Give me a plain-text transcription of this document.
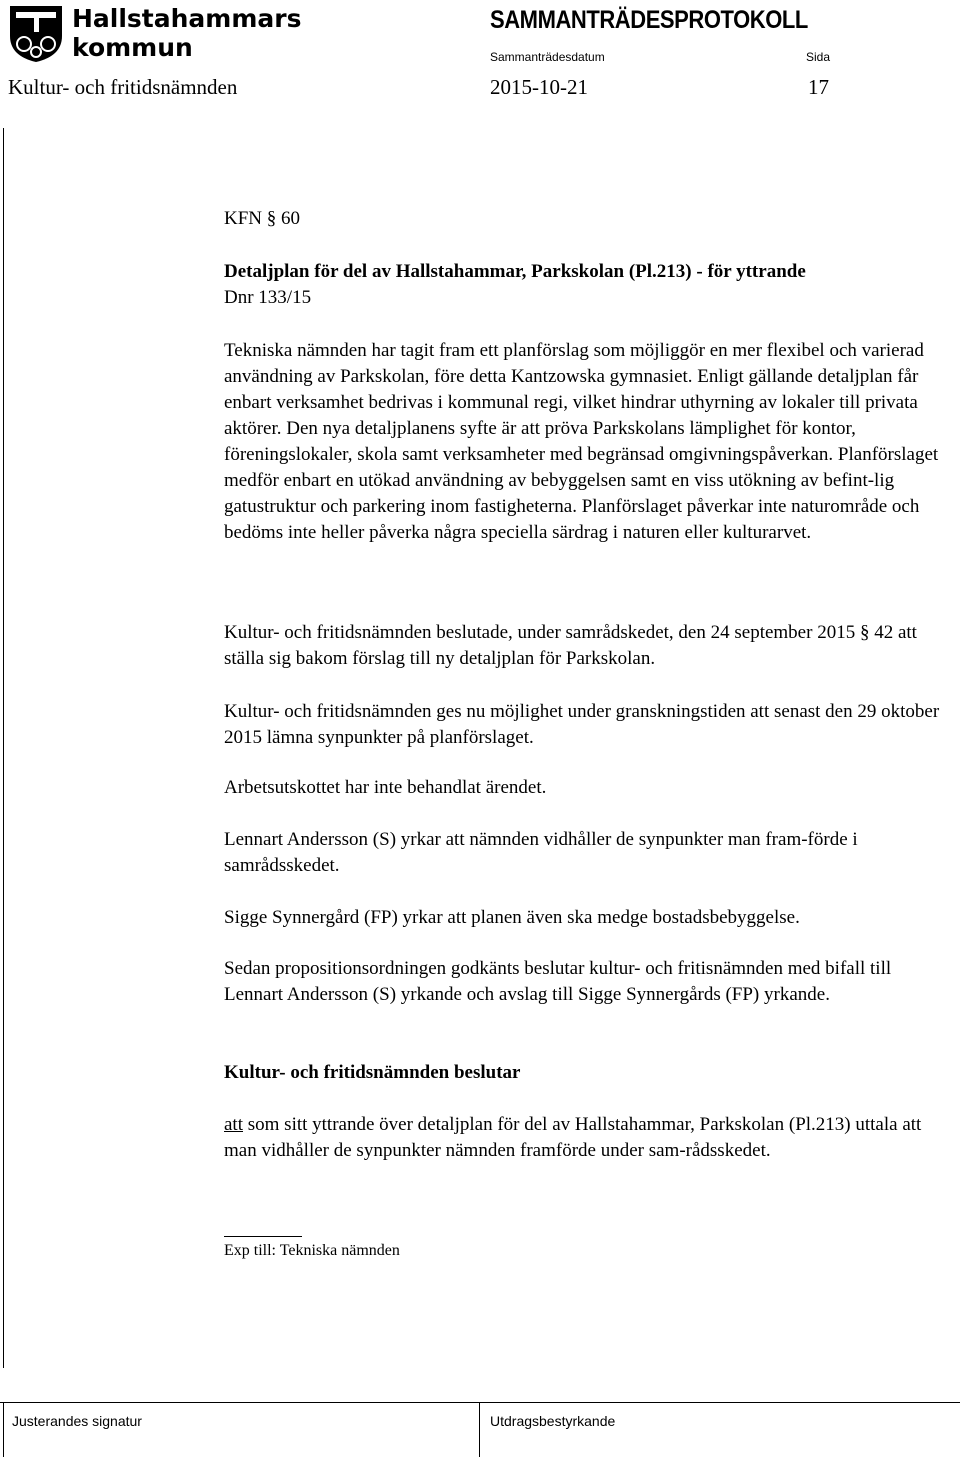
Hallstahammars
kommun
SAMMANTRÄDESPROTOKOLL
Sammanträdesdatum	Sida
Kultur- och fritidsnämnden	2015-10-21	17

KFN § 60

Detaljplan för del av Hallstahammar, Parkskolan (Pl.213) - för yttrande

Dnr 133/15

Tekniska nämnden har tagit fram ett planförslag som möjliggör en mer flexibel och varierad användning av Parkskolan, före detta Kantzowska gymnasiet. Enligt gällande detaljplan får enbart verksamhet bedrivas i kommunal regi, vilket hindrar uthyrning av lokaler till privata aktörer. Den nya detaljplanens syfte är att pröva Parkskolans lämplighet för kontor, föreningslokaler, skola samt verksamheter med begränsad omgivningspåverkan. Planförslaget medför enbart en utökad användning av bebyggelsen samt en viss utökning av befint-lig gatustruktur och parkering inom fastigheterna. Planförslaget påverkar inte naturområde och bedöms inte heller påverka några speciella särdrag i naturen eller kulturarvet.

Kultur- och fritidsnämnden beslutade, under samrådskedet, den 24 september 2015 § 42 att ställa sig bakom förslag till ny detaljplan för Parkskolan.

Kultur- och fritidsnämnden ges nu möjlighet under granskningstiden att senast den 29 oktober 2015 lämna synpunkter på planförslaget.

Arbetsutskottet har inte behandlat ärendet.

Lennart Andersson (S) yrkar att nämnden vidhåller de synpunkter man fram-förde i samrådsskedet.

Sigge Synnergård (FP) yrkar att planen även ska medge bostadsbebyggelse.

Sedan propositionsordningen godkänts beslutar kultur- och fritisnämnden med bifall till Lennart Andersson (S) yrkande och avslag till Sigge Synnergårds (FP) yrkande.

Kultur- och fritidsnämnden beslutar

att som sitt yttrande över detaljplan för del av Hallstahammar, Parkskolan (Pl.213) uttala att man vidhåller de synpunkter nämnden framförde under sam-rådsskedet.

Exp till: Tekniska nämnden
Justerandes signatur	Utdragsbestyrkande
